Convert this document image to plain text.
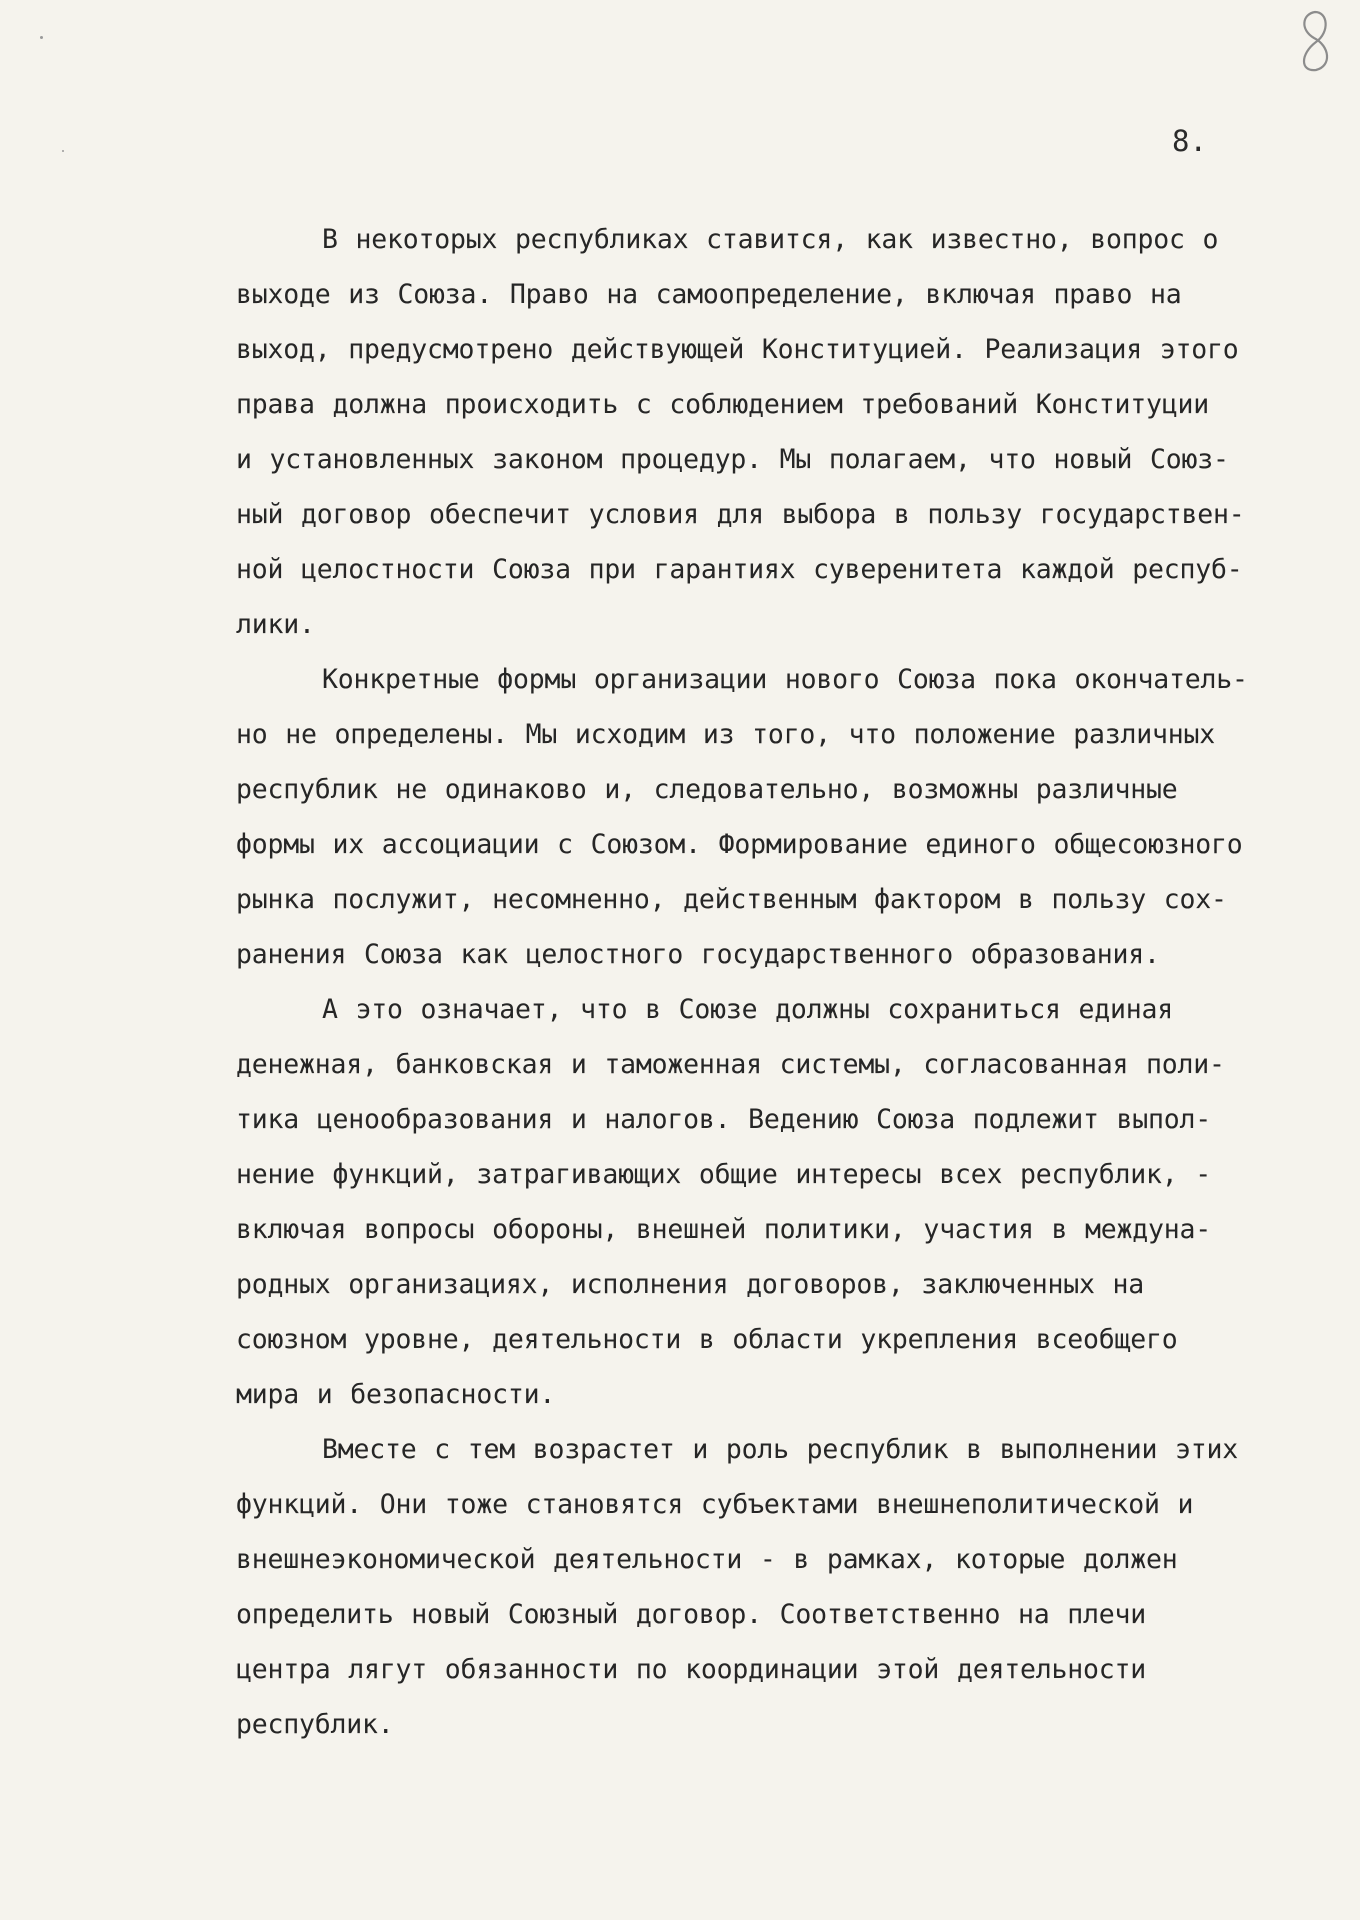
8.
В некоторых республиках ставится, как известно, вопрос о
выходе из Союза. Право на самоопределение, включая право на
выход, предусмотрено действующей Конституцией. Реализация этого
права должна происходить с соблюдением требований Конституции
и установленных законом процедур. Мы полагаем, что новый Союз-
ный договор обеспечит условия для выбора в пользу государствен-
ной целостности Союза при гарантиях суверенитета каждой респуб-
лики.
Конкретные формы организации нового Союза пока окончатель-
но не определены. Мы исходим из того, что положение различных
республик не одинаково и, следовательно, возможны различные
формы их ассоциации с Союзом. Формирование единого общесоюзного
рынка послужит, несомненно, действенным фактором в пользу сох-
ранения Союза как целостного государственного образования.
А это означает, что в Союзе должны сохраниться единая
денежная, банковская и таможенная системы, согласованная поли-
тика ценообразования и налогов. Ведению Союза подлежит выпол-
нение функций, затрагивающих общие интересы всех республик, -
включая вопросы обороны, внешней политики, участия в междуна-
родных организациях, исполнения договоров, заключенных на
союзном уровне, деятельности в области укрепления всеобщего
мира и безопасности.
Вместе с тем возрастет и роль республик в выполнении этих
функций. Они тоже становятся субъектами внешнеполитической и
внешнеэкономической деятельности - в рамках, которые должен
определить новый Союзный договор. Соответственно на плечи
центра лягут обязанности по координации этой деятельности
республик.
